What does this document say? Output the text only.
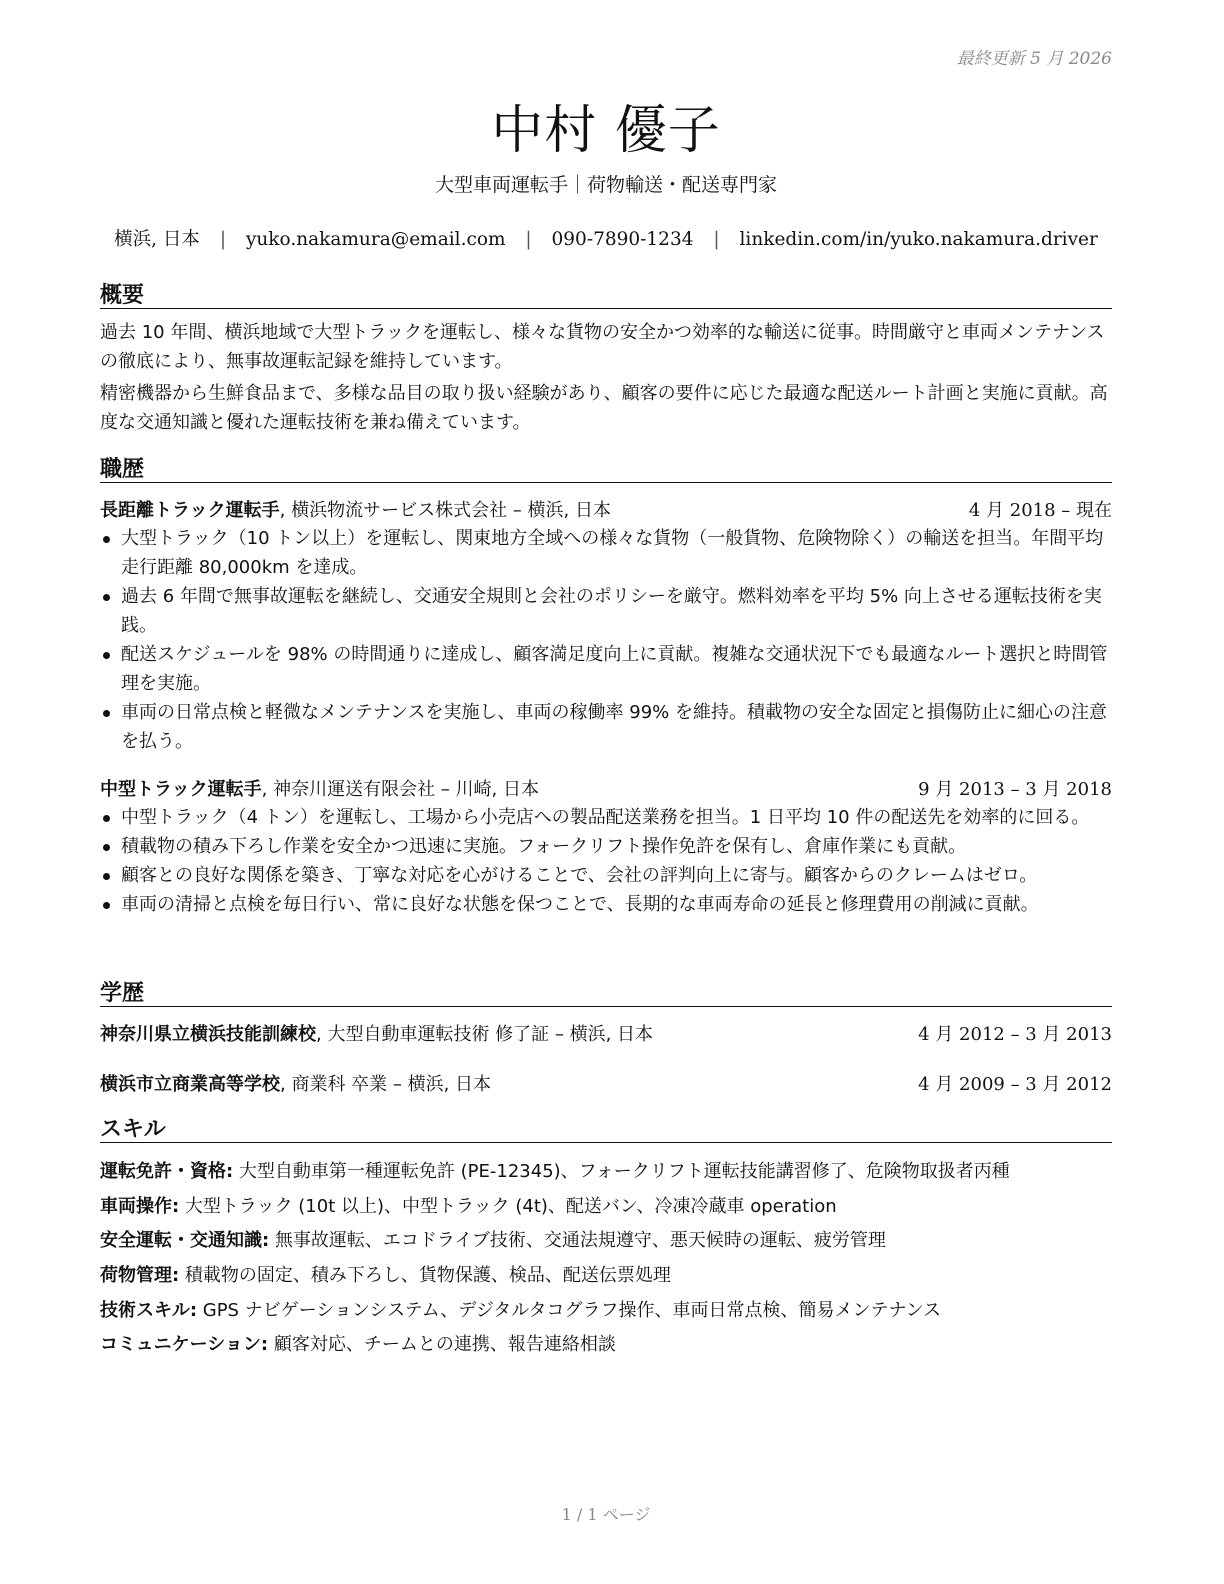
最終更新 5 月 2026
中村 優子
大型車両運転手｜荷物輸送・配送専門家
横浜, 日本 | yuko.nakamura@email.com | 090-7890-1234 | linkedin.com/in/yuko.nakamura.driver
概要
過去 10 年間、横浜地域で大型トラックを運転し、様々な貨物の安全かつ効率的な輸送に従事。時間厳守と車両メンテナンスの徹底により、無事故運転記録を維持しています。
精密機器から生鮮食品まで、多様な品目の取り扱い経験があり、顧客の要件に応じた最適な配送ルート計画と実施に貢献。高度な交通知識と優れた運転技術を兼ね備えています。
職歴
長距離トラック運転手, 横浜物流サービス株式会社 – 横浜, 日本	4 月 2018 – 現在
大型トラック（10 トン以上）を運転し、関東地方全域への様々な貨物（一般貨物、危険物除く）の輸送を担当。年間平均走行距離 80,000km を達成。
過去 6 年間で無事故運転を継続し、交通安全規則と会社のポリシーを厳守。燃料効率を平均 5% 向上させる運転技術を実践。
配送スケジュールを 98% の時間通りに達成し、顧客満足度向上に貢献。複雑な交通状況下でも最適なルート選択と時間管理を実施。
車両の日常点検と軽微なメンテナンスを実施し、車両の稼働率 99% を維持。積載物の安全な固定と損傷防止に細心の注意を払う。
中型トラック運転手, 神奈川運送有限会社 – 川崎, 日本	9 月 2013 – 3 月 2018
中型トラック（4 トン）を運転し、工場から小売店への製品配送業務を担当。1 日平均 10 件の配送先を効率的に回る。
積載物の積み下ろし作業を安全かつ迅速に実施。フォークリフト操作免許を保有し、倉庫作業にも貢献。
顧客との良好な関係を築き、丁寧な対応を心がけることで、会社の評判向上に寄与。顧客からのクレームはゼロ。
車両の清掃と点検を毎日行い、常に良好な状態を保つことで、長期的な車両寿命の延長と修理費用の削減に貢献。
学歴
神奈川県立横浜技能訓練校, 大型自動車運転技術 修了証 – 横浜, 日本	4 月 2012 – 3 月 2013
横浜市立商業高等学校, 商業科 卒業 – 横浜, 日本	4 月 2009 – 3 月 2012
スキル
運転免許・資格: 大型自動車第一種運転免許 (PE-12345)、フォークリフト運転技能講習修了、危険物取扱者丙種
車両操作: 大型トラック (10t 以上)、中型トラック (4t)、配送バン、冷凍冷蔵車 operation
安全運転・交通知識: 無事故運転、エコドライブ技術、交通法規遵守、悪天候時の運転、疲労管理
荷物管理: 積載物の固定、積み下ろし、貨物保護、検品、配送伝票処理
技術スキル: GPS ナビゲーションシステム、デジタルタコグラフ操作、車両日常点検、簡易メンテナンス
コミュニケーション: 顧客対応、チームとの連携、報告連絡相談
1 / 1 ページ
